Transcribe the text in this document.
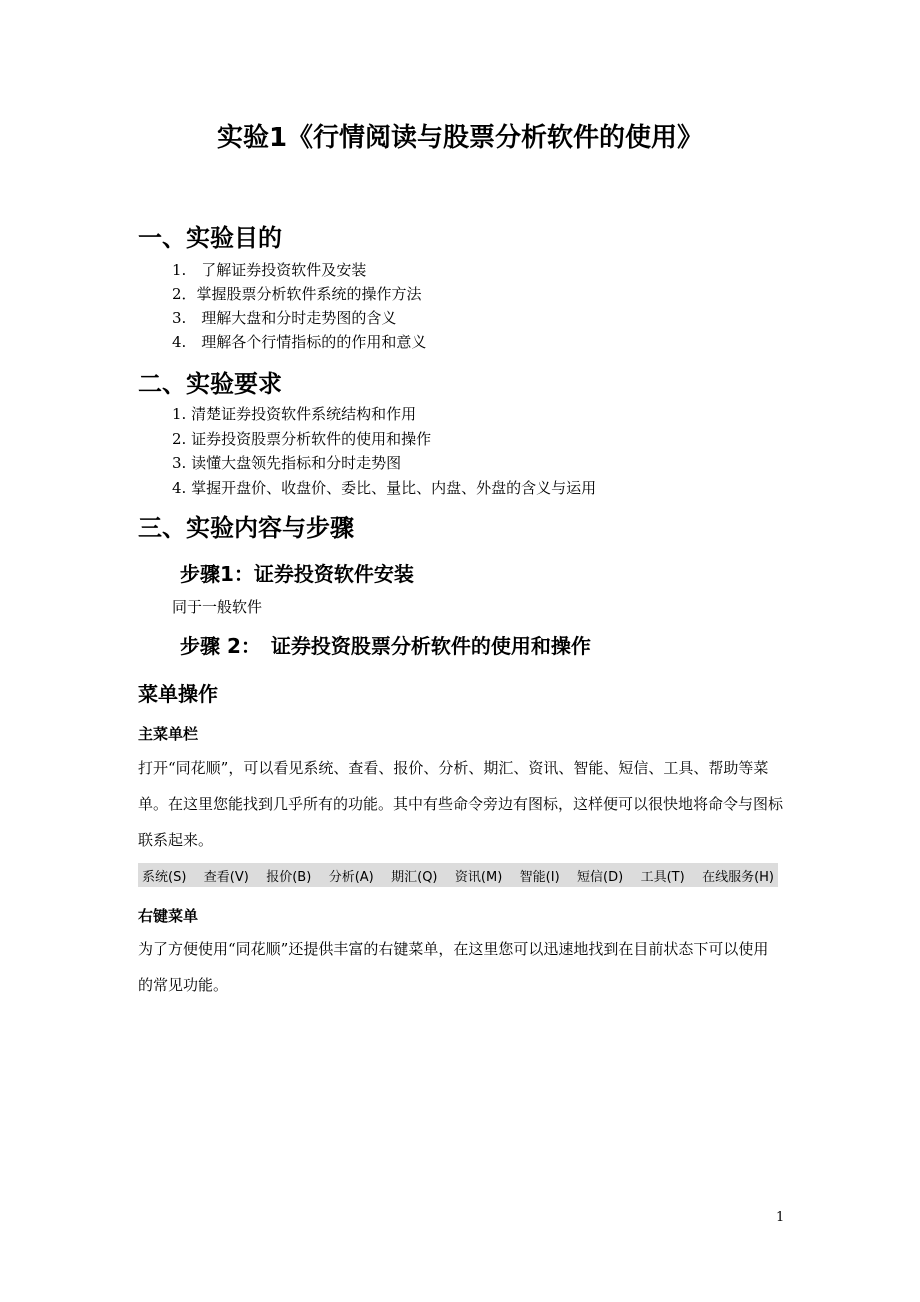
实验1《行情阅读与股票分析软件的使用》
一、实验目的
1.　了解证券投资软件及安装
2．掌握股票分析软件系统的操作方法
3.　理解大盘和分时走势图的含义
4.　理解各个行情指标的的作用和意义
二、实验要求
1. 清楚证券投资软件系统结构和作用
2. 证券投资股票分析软件的使用和操作
3. 读懂大盘领先指标和分时走势图
4. 掌握开盘价、收盘价、委比、量比、内盘、外盘的含义与运用
三、实验内容与步骤
步骤1：证券投资软件安装
同于一般软件
步骤 2：　证券投资股票分析软件的使用和操作
菜单操作
主菜单栏
打开“同花顺”，可以看见系统、查看、报价、分析、期汇、资讯、智能、短信、工具、帮助等菜单。在这里您能找到几乎所有的功能。其中有些命令旁边有图标，这样便可以很快地将命令与图标联系起来。
系统(S) 查看(V) 报价(B) 分析(A) 期汇(Q) 资讯(M) 智能(I) 短信(D) 工具(T) 在线服务(H)
右键菜单
为了方便使用“同花顺”还提供丰富的右键菜单，在这里您可以迅速地找到在目前状态下可以使用的常见功能。
1
